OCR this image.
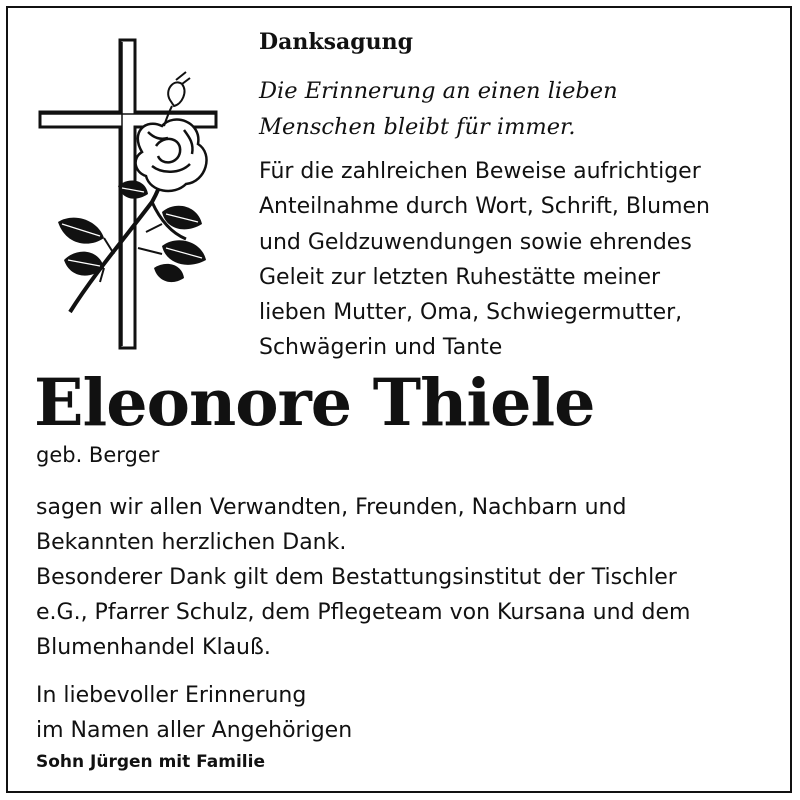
Danksagung

Die Erinnerung an einen lieben
Menschen bleibt für immer.

Für die zahlreichen Beweise aufrichtiger
Anteilnahme durch Wort, Schrift, Blumen
und Geldzuwendungen sowie ehrendes
Geleit zur letzten Ruhestätte meiner
lieben Mutter, Oma, Schwiegermutter,
Schwägerin und Tante

Eleonore Thiele

geb. Berger

sagen wir allen Verwandten, Freunden, Nachbarn und
Bekannten herzlichen Dank.
Besonderer Dank gilt dem Bestattungsinstitut der Tischler
e.G., Pfarrer Schulz, dem Pflegeteam von Kursana und dem
Blumenhandel Klauß.

In liebevoller Erinnerung
im Namen aller Angehörigen

Sohn Jürgen mit Familie
